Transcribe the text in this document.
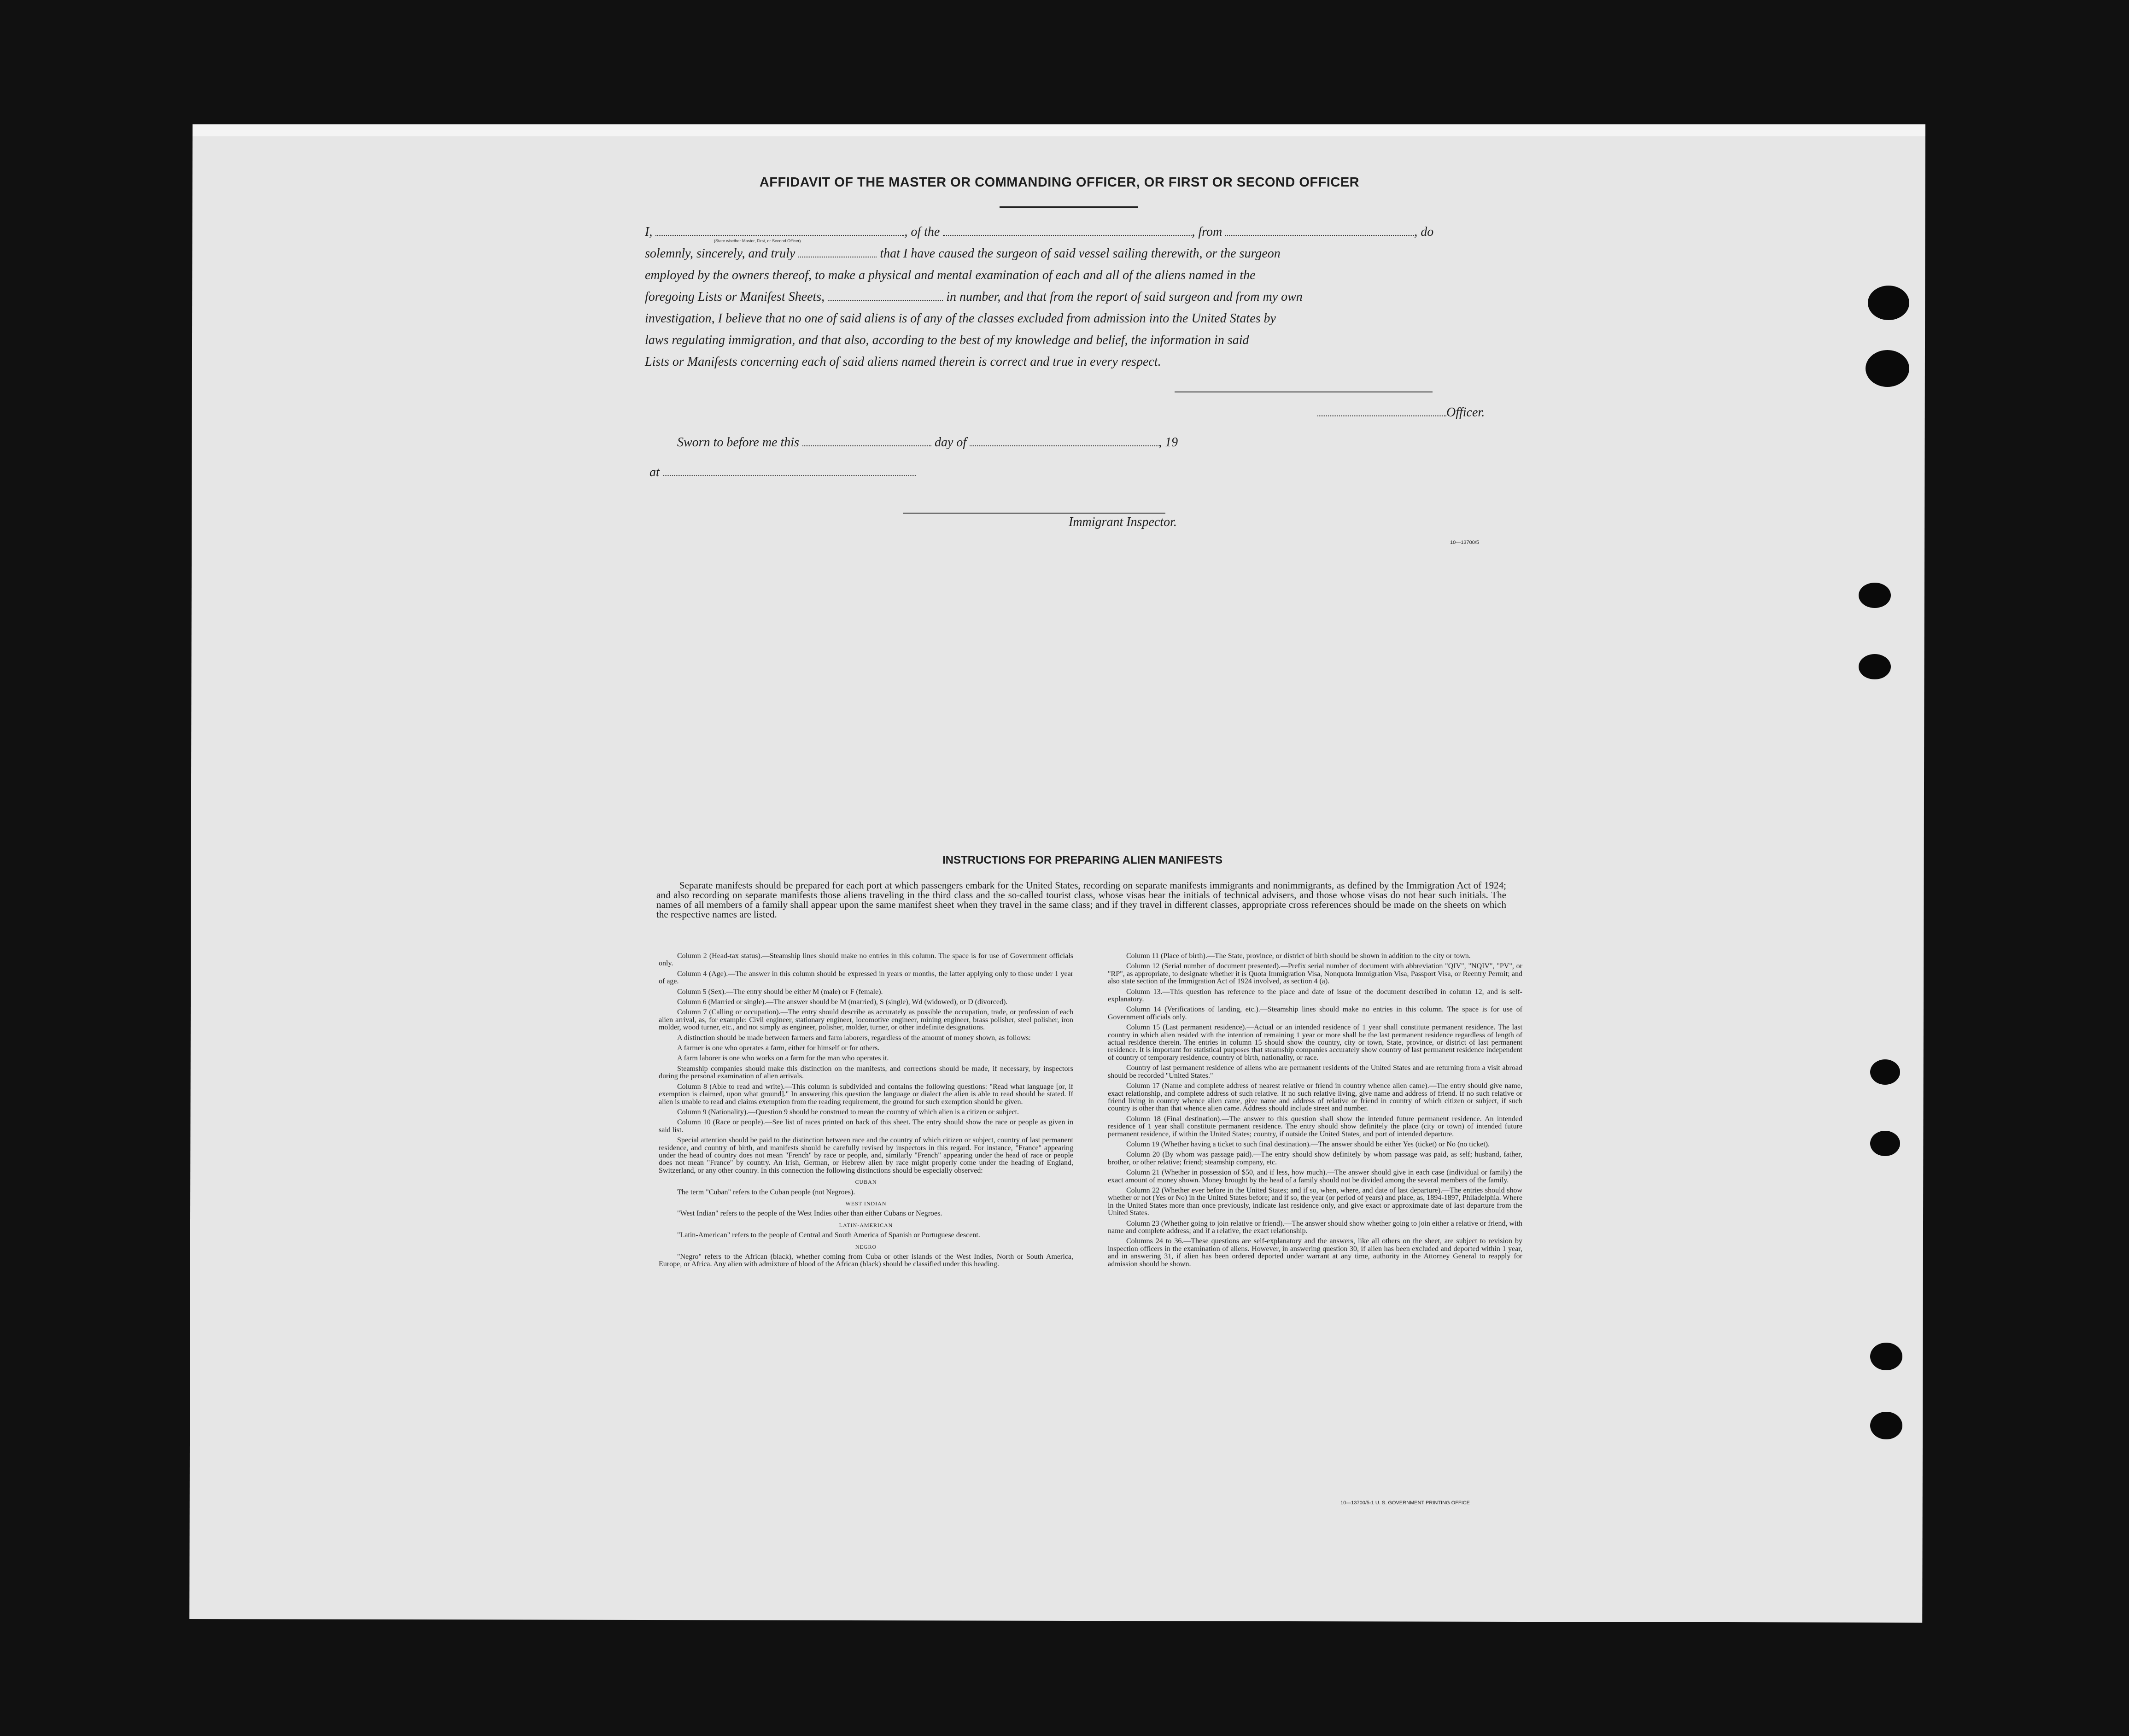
AFFIDAVIT OF THE MASTER OR COMMANDING OFFICER, OR FIRST OR SECOND OFFICER
I,	, of the	, from	, do
solemnly, sincerely, and truly	that I have caused the surgeon of said vessel sailing therewith, or the surgeon
employed by the owners thereof, to make a physical and mental examination of each and all of the aliens named in the
foregoing Lists or Manifest Sheets,	in number, and that from the report of said surgeon and from my own
investigation, I believe that no one of said aliens is of any of the classes excluded from admission into the United States by
laws regulating immigration, and that also, according to the best of my knowledge and belief, the information in said
Lists or Manifests concerning each of said aliens named therein is correct and true in every respect.
(State whether Master, First, or Second Officer)
Officer.
Sworn to before me this	day of	, 19
at
Immigrant Inspector.
10—13700/5
INSTRUCTIONS FOR PREPARING ALIEN MANIFESTS
Separate manifests should be prepared for each port at which passengers embark for the United States, recording on separate manifests immigrants and nonimmigrants, as defined by the Immigration Act of 1924; and also recording on separate manifests those aliens traveling in the third class and the so-called tourist class, whose visas bear the initials of technical advisers, and those whose visas do not bear such initials. The names of all members of a family shall appear upon the same manifest sheet when they travel in the same class; and if they travel in different classes, appropriate cross references should be made on the sheets on which the respective names are listed.

Column 2 (Head-tax status).—Steamship lines should make no entries in this column. The space is for use of Government officials only.

Column 4 (Age).—The answer in this column should be expressed in years or months, the latter applying only to those under 1 year of age.

Column 5 (Sex).—The entry should be either M (male) or F (female).

Column 6 (Married or single).—The answer should be M (married), S (single), Wd (widowed), or D (divorced).

Column 7 (Calling or occupation).—The entry should describe as accurately as possible the occupation, trade, or profession of each alien arrival, as, for example: Civil engineer, stationary engineer, locomotive engineer, mining engineer, brass polisher, steel polisher, iron molder, wood turner, etc., and not simply as engineer, polisher, molder, turner, or other indefinite designations.

A distinction should be made between farmers and farm laborers, regardless of the amount of money shown, as follows:

A farmer is one who operates a farm, either for himself or for others.

A farm laborer is one who works on a farm for the man who operates it.

Steamship companies should make this distinction on the manifests, and corrections should be made, if necessary, by inspectors during the personal examination of alien arrivals.

Column 8 (Able to read and write).—This column is subdivided and contains the following questions: "Read what language [or, if exemption is claimed, upon what ground]." In answering this question the language or dialect the alien is able to read should be stated. If alien is unable to read and claims exemption from the reading requirement, the ground for such exemption should be given.

Column 9 (Nationality).—Question 9 should be construed to mean the country of which alien is a citizen or subject.

Column 10 (Race or people).—See list of races printed on back of this sheet. The entry should show the race or people as given in said list.

Special attention should be paid to the distinction between race and the country of which citizen or subject, country of last permanent residence, and country of birth, and manifests should be carefully revised by inspectors in this regard. For instance, "France" appearing under the head of country does not mean "French" by race or people, and, similarly "French" appearing under the head of race or people does not mean "France" by country. An Irish, German, or Hebrew alien by race might properly come under the heading of England, Switzerland, or any other country. In this connection the following distinctions should be especially observed:

CUBAN

The term "Cuban" refers to the Cuban people (not Negroes).

WEST INDIAN

"West Indian" refers to the people of the West Indies other than either Cubans or Negroes.

LATIN-AMERICAN

"Latin-American" refers to the people of Central and South America of Spanish or Portuguese descent.

NEGRO

"Negro" refers to the African (black), whether coming from Cuba or other islands of the West Indies, North or South America, Europe, or Africa. Any alien with admixture of blood of the African (black) should be classified under this heading.

Column 11 (Place of birth).—The State, province, or district of birth should be shown in addition to the city or town.

Column 12 (Serial number of document presented).—Prefix serial number of document with abbreviation "QIV", "NQIV", "PV", or "RP", as appropriate, to designate whether it is Quota Immigration Visa, Nonquota Immigration Visa, Passport Visa, or Reentry Permit; and also state section of the Immigration Act of 1924 involved, as section 4 (a).

Column 13.—This question has reference to the place and date of issue of the document described in column 12, and is self-explanatory.

Column 14 (Verifications of landing, etc.).—Steamship lines should make no entries in this column. The space is for use of Government officials only.

Column 15 (Last permanent residence).—Actual or an intended residence of 1 year shall constitute permanent residence. The last country in which alien resided with the intention of remaining 1 year or more shall be the last permanent residence regardless of length of actual residence therein. The entries in column 15 should show the country, city or town, State, province, or district of last permanent residence. It is important for statistical purposes that steamship companies accurately show country of last permanent residence independent of country of temporary residence, country of birth, nationality, or race.

Country of last permanent residence of aliens who are permanent residents of the United States and are returning from a visit abroad should be recorded "United States."

Column 17 (Name and complete address of nearest relative or friend in country whence alien came).—The entry should give name, exact relationship, and complete address of such relative. If no such relative living, give name and address of friend. If no such relative or friend living in country whence alien came, give name and address of relative or friend in country of which citizen or subject, if such country is other than that whence alien came. Address should include street and number.

Column 18 (Final destination).—The answer to this question shall show the intended future permanent residence. An intended residence of 1 year shall constitute permanent residence. The entry should show definitely the place (city or town) of intended future permanent residence, if within the United States; country, if outside the United States, and port of intended departure.

Column 19 (Whether having a ticket to such final destination).—The answer should be either Yes (ticket) or No (no ticket).

Column 20 (By whom was passage paid).—The entry should show definitely by whom passage was paid, as self; husband, father, brother, or other relative; friend; steamship company, etc.

Column 21 (Whether in possession of $50, and if less, how much).—The answer should give in each case (individual or family) the exact amount of money shown. Money brought by the head of a family should not be divided among the several members of the family.

Column 22 (Whether ever before in the United States; and if so, when, where, and date of last departure).—The entries should show whether or not (Yes or No) in the United States before; and if so, the year (or period of years) and place, as, 1894-1897, Philadelphia. Where in the United States more than once previously, indicate last residence only, and give exact or approximate date of last departure from the United States.

Column 23 (Whether going to join relative or friend).—The answer should show whether going to join either a relative or friend, with name and complete address; and if a relative, the exact relationship.

Columns 24 to 36.—These questions are self-explanatory and the answers, like all others on the sheet, are subject to revision by inspection officers in the examination of aliens. However, in answering question 30, if alien has been excluded and deported within 1 year, and in answering 31, if alien has been ordered deported under warrant at any time, authority in the Attorney General to reapply for admission should be shown.

10—13700/5-1 U. S. GOVERNMENT PRINTING OFFICE
